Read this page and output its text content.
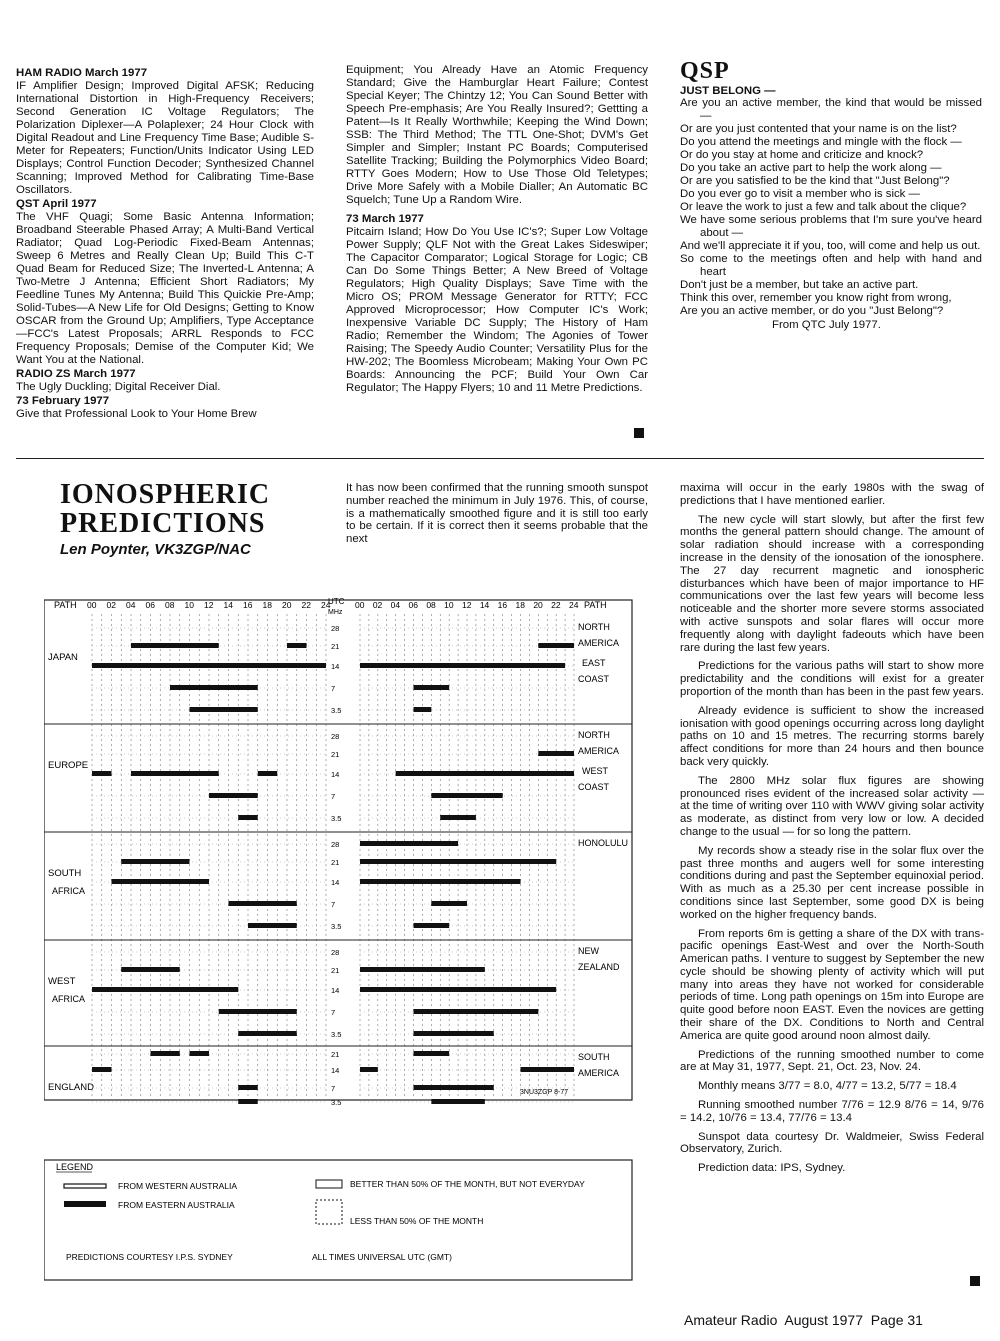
HAM RADIO March 1977

IF Amplifier Design; Improved Digital AFSK; Reducing International Distortion in High-Frequency Receivers; Second Generation IC Voltage Regulators; The Polarization Diplexer—A Polaplexer; 24 Hour Clock with Digital Readout and Line Frequency Time Base; Audible S-Meter for Repeaters; Function/Units Indicator Using LED Displays; Control Function Decoder; Synthesized Channel Scanning; Improved Method for Calibrating Time-Base Oscillators.

QST April 1977

The VHF Quagi; Some Basic Antenna Information; Broadband Steerable Phased Array; A Multi-Band Vertical Radiator; Quad Log-Periodic Fixed-Beam Antennas; Sweep 6 Metres and Really Clean Up; Build This C-T Quad Beam for Reduced Size; The Inverted-L Antenna; A Two-Metre J Antenna; Efficient Short Radiators; My Feedline Tunes My Antenna; Build This Quickie Pre-Amp; Solid-Tubes—A New Life for Old Designs; Getting to Know OSCAR from the Ground Up; Amplifiers, Type Acceptance—FCC's Latest Proposals; ARRL Responds to FCC Frequency Proposals; Demise of the Computer Kid; We Want You at the National.

RADIO ZS March 1977

The Ugly Duckling; Digital Receiver Dial.

73 February 1977

Give that Professional Look to Your Home Brew

Equipment; You Already Have an Atomic Frequency Standard; Give the Hamburglar Heart Failure; Contest Special Keyer; The Chintzy 12; You Can Sound Better with Speech Pre-emphasis; Are You Really Insured?; Gettting a Patent—Is It Really Worthwhile; Keeping the Wind Down; SSB: The Third Method; The TTL One-Shot; DVM's Get Simpler and Simpler; Instant PC Boards; Computerised Satellite Tracking; Building the Polymorphics Video Board; RTTY Goes Modern; How to Use Those Old Teletypes; Drive More Safely with a Mobile Dialler; An Automatic BC Squelch; Tune Up a Random Wire.

73 March 1977

Pitcairn Island; How Do You Use IC's?; Super Low Voltage Power Supply; QLF Not with the Great Lakes Sideswiper; The Capacitor Comparator; Logical Storage for Logic; CB Can Do Some Things Better; A New Breed of Voltage Regulators; High Quality Displays; Save Time with the Micro OS; PROM Message Generator for RTTY; FCC Approved Microprocessor; How Computer IC's Work; Inexpensive Variable DC Supply; The History of Ham Radio; Remember the Windom; The Agonies of Tower Raising; The Speedy Audio Counter; Versatility Plus for the HW-202; The Boomless Microbeam; Making Your Own PC Boards: Announcing the PCF; Build Your Own Car Regulator; The Happy Flyers; 10 and 11 Metre Predictions.

QSP
JUST BELONG —
Are you an active member, the kind that would be missed —
Or are you just contented that your name is on the list?
Do you attend the meetings and mingle with the flock —
Or do you stay at home and criticize and knock?
Do you take an active part to help the work along —
Or are you satisfied to be the kind that "Just Belong"?
Do you ever go to visit a member who is sick —
Or leave the work to just a few and talk about the clique?
We have some serious problems that I'm sure you've heard about —
And we'll appreciate it if you, too, will come and help us out.
So come to the meetings often and help with hand and heart
Don't just be a member, but take an active part.
Think this over, remember you know right from wrong,
Are you an active member, or do you "Just Belong"?
From QTC July 1977.
IONOSPHERIC
PREDICTIONS
Len Poynter, VK3ZGP/NAC

It has now been confirmed that the running smooth sunspot number reached the minimum in July 1976. This, of course, is a mathematically smoothed figure and it is still too early to be certain. If it is correct then it seems probable that the next

maxima will occur in the early 1980s with the swag of predictions that I have mentioned earlier.

The new cycle will start slowly, but after the first few months the general pattern should change. The amount of solar radiation should increase with a corresponding increase in the density of the ionosation of the ionosphere. The 27 day recurrent magnetic and ionospheric disturbances which have been of major importance to HF communications over the last few years will become less noticeable and the shorter more severe storms associated with active sunspots and solar flares will occur more frequently along with daylight fadeouts which have been rare during the last few years.

Predictions for the various paths will start to show more predictability and the conditions will exist for a greater proportion of the month than has been in the past few years.

Already evidence is sufficient to show the increased ionisation with good openings occurring across long daylight paths on 10 and 15 metres. The recurring storms barely affect conditions for more than 24 hours and then bounce back very quickly.

The 2800 MHz solar flux figures are showing pronounced rises evident of the increased solar activity — at the time of writing over 110 with WWV giving solar activity as moderate, as distinct from very low or low. A decided change to the usual — for so long the pattern.

My records show a steady rise in the solar flux over the past three months and augers well for some interesting conditions during and past the September equinoxial period. With as much as a 25.30 per cent increase possible in conditions since last September, some good DX is being worked on the higher frequency bands.

From reports 6m is getting a share of the DX with trans-pacific openings East-West and over the North-South American paths. I venture to suggest by September the new cycle should be showing plenty of activity which will put many into areas they have not worked for considerable periods of time. Long path openings on 15m into Europe are quite good before noon EAST. Even the novices are getting their share of the DX. Conditions to North and Central America are quite good around noon almost daily.

Predictions of the running smoothed number to come are at May 31, 1977, Sept. 21, Oct. 23, Nov. 24.

Monthly means 3/77 = 8.0, 4/77 = 13.2, 5/77 = 18.4

Running smoothed number 7/76 = 12.9 8/76 = 14, 9/76 = 14.2, 10/76 = 13.4, 77/76 = 13.4

Sunspot data courtesy Dr. Waldmeier, Swiss Federal Observatory, Zurich.

Prediction data: IPS, Sydney.

PATH 00 02 04 06 08 10 12 14 16 18 20 22 24
UTC
MHz
00 02 04 06 08 10 12 14 16 18 20 22 24 PATH
JAPAN
NORTH
AMERICA
EAST
COAST
28
21
14
7
3.5
EUROPE
NORTH
AMERICA
WEST
COAST
28
21
14
7
3.5
SOUTH
AFRICA
HONOLULU
28
21
14
7
3.5
WEST
AFRICA
NEW
ZEALAND
28
21
14
7
3.5
ENGLAND
SOUTH
AMERICA
21
14
7
3.5
3NU3ZGP 8-77
LEGEND
FROM WESTERN AUSTRALIA
FROM EASTERN AUSTRALIA
BETTER THAN 50% OF THE MONTH, BUT NOT EVERYDAY
LESS THAN 50% OF THE MONTH
PREDICTIONS COURTESY I.P.S. SYDNEY	ALL TIMES UNIVERSAL UTC (GMT)
Amateur Radio  August 1977  Page 31
